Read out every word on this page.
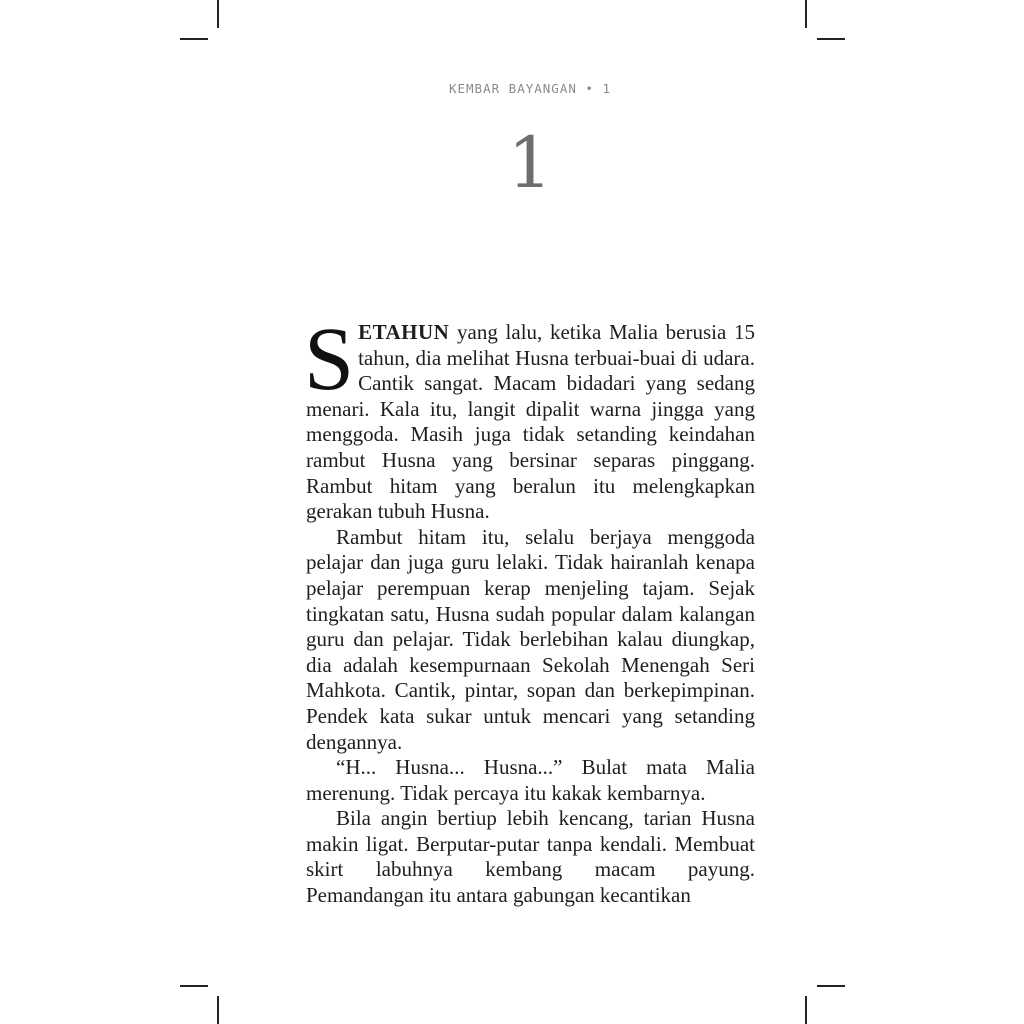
KEMBAR BAYANGAN • 1
1

SETAHUN yang lalu, ketika Malia berusia 15 tahun, dia melihat Husna terbuai-buai di udara. Cantik sangat. Macam bidadari yang sedang menari. Kala itu, langit dipalit warna jingga yang menggoda. Masih juga tidak setanding keindahan rambut Husna yang bersinar separas pinggang. Rambut hitam yang beralun itu melengkapkan gerakan tubuh Husna.

Rambut hitam itu, selalu berjaya menggoda pelajar dan juga guru lelaki. Tidak hairanlah kenapa pelajar perempuan kerap menjeling tajam. Sejak tingkatan satu, Husna sudah popular dalam kalangan guru dan pelajar. Tidak berlebihan kalau diungkap, dia adalah kesempurnaan Sekolah Menengah Seri Mahkota. Cantik, pintar, sopan dan berkepimpinan. Pendek kata sukar untuk mencari yang setanding dengannya.

“H... Husna... Husna...” Bulat mata Malia merenung. Tidak percaya itu kakak kembarnya.

Bila angin bertiup lebih kencang, tarian Husna makin ligat. Berputar-putar tanpa kendali. Membuat skirt labuhnya kembang macam payung. Pemandangan itu antara gabungan kecantikan
